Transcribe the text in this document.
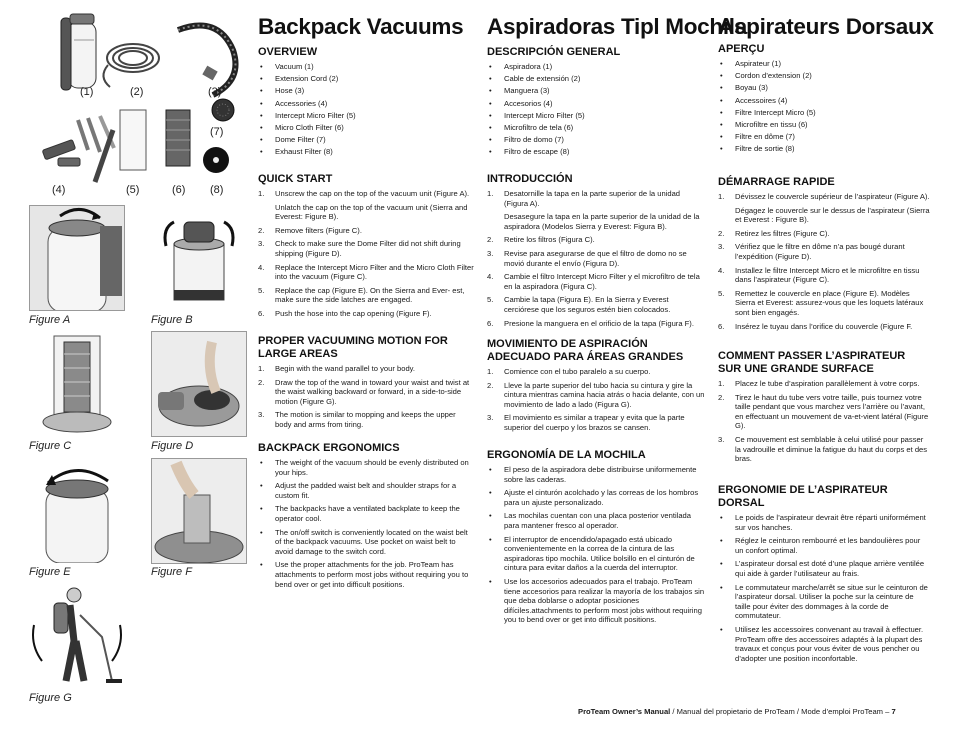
(1)	(2)	(3)
(4)	(5)	(6)
(7)
(8)
Figure A	Figure B
Figure C	Figure D
Figure E	Figure F
Figure G
Backpack Vacuums Aspiradoras Tipl Mochila
Aspirateurs Dorsaux
OVERVIEW
• Vacuum (1)
• Extension Cord (2)
• Hose (3)
• Accessories (4)
• Intercept Micro Filter (5)
• Micro Cloth Filter (6)
• Dome Filter (7)
• Exhaust Filter (8)
QUICK START
1. Unscrew the cap on the top of the vacuum unit (Figure A).
Unlatch the cap on the top of the vacuum unit (Sierra and Everest: Figure B).
2. Remove filters (Figure C).
3. Check to make sure the Dome Filter did not shift during shipping (Figure D).
4. Replace the Intercept Micro Filter and the Micro Cloth Filter into the vacuum (Figure C).
5. Replace the cap (Figure E). On the Sierra and Ever- est, make sure the side latches are engaged.
6. Push the hose into the cap opening (Figure F).
PROPER VACUUMING MOTION FOR LARGE AREAS
1. Begin with the wand parallel to your body.
2. Draw the top of the wand in toward your waist and twist at the waist walking backward or forward, in a side-to-side motion (Figure G).
3. The motion is similar to mopping and keeps the upper body and arms from tiring.
BACKPACK ERGONOMICS
• The weight of the vacuum should be evenly distributed on your hips.
• Adjust the padded waist belt and shoulder straps for a custom fit.
• The backpacks have a ventilated backplate to keep the operator cool.
• The on/off switch is conveniently located on the waist belt of the backpack vacuums. Use pocket on waist belt to avoid damage to the switch cord.
• Use the proper attachments for the job. ProTeam has attachments to perform most jobs without requiring you to bend over or get into difficult positions.
DESCRIPCIÓN GENERAL
• Aspiradora (1)
• Cable de extensión (2)
• Manguera (3)
• Accesorios (4)
• Intercept Micro Filter (5)
• Microfiltro de tela (6)
• Filtro de domo (7)
• Filtro de escape (8)
INTRODUCCIÓN
1. Desatornille la tapa en la parte superior de la unidad (Figura A).
Desasegure la tapa en la parte superior de la unidad de la aspiradora (Modelos Sierra y Everest: Figura B).
2. Retire los filtros (Figura C).
3. Revise para asegurarse de que el filtro de domo no se movió durante el envío (Figura D).
4. Cambie el filtro Intercept Micro Filter y el microfiltro de tela en la aspiradora (Figura C).
5. Cambie la tapa (Figura E). En la Sierra y Everest cerciórese que los seguros estén bien colocados.
6. Presione la manguera en el orificio de la tapa (Figura F).
MOVIMIENTO DE ASPIRACIÓN ADECUADO PARA ÁREAS GRANDES
1. Comience con el tubo paralelo a su cuerpo.
2. Lleve la parte superior del tubo hacia su cintura y gire la cintura mientras camina hacia atrás o hacia delante, con un movimiento de lado a lado (Figura G).
3. El movimiento es similar a trapear y evita que la parte superior del cuerpo y los brazos se cansen.
ERGONOMÍA DE LA MOCHILA
• El peso de la aspiradora debe distribuirse uniformemente sobre las caderas.
• Ajuste el cinturón acolchado y las correas de los hombros para un ajuste personalizado.
• Las mochilas cuentan con una placa posterior ventilada para mantener fresco al operador.
• El interruptor de encendido/apagado está ubicado convenientemente en la correa de la cintura de las aspiradoras tipo mochila. Utilice bolsillo en el cinturón de cintura para evitar daños a la cuerda del interruptor.
• Use los accesorios adecuados para el trabajo. ProTeam tiene accesorios para realizar la mayoría de los trabajos sin que deba doblarse o adoptar posiciones difíciles.attachments to perform most jobs without requiring you to bend over or get into difficult positions.
APERÇU
• Aspirateur (1)
• Cordon d’extension (2)
• Boyau (3)
• Accessoires (4)
• Filtre Intercept Micro (5)
• Microfiltre en tissu (6)
• Filtre en dôme (7)
• Filtre de sortie (8)
DÉMARRAGE RAPIDE
1. Dévissez le couvercle supérieur de l’aspirateur (Figure A).
Dégagez le couvercle sur le dessus de l’aspirateur (Sierra et Everest : Figure B).
2. Retirez les filtres (Figure C).
3. Vérifiez que le filtre en dôme n’a pas bougé durant l’expédition (Figure D).
4. Installez le filtre Intercept Micro et le microfiltre en tissu dans l’aspirateur (Figure C).
5. Remettez le couvercle en place (Figure E). Modèles Sierra et Everest: assurez-vous que les loquets latéraux sont bien engagés.
6. Insérez le tuyau dans l’orifice du couvercle (Figure F.
COMMENT PASSER L’ASPIRATEUR SUR UNE GRANDE SURFACE
1. Placez le tube d’aspiration parallèlement à votre corps.
2. Tirez le haut du tube vers votre taille, puis tournez votre taille pendant que vous marchez vers l’arrière ou l’avant, en effectuant un mouvement de va-et-vient latéral (Figure G).
3. Ce mouvement est semblable à celui utilisé pour passer la vadrouille et diminue la fatigue du haut du corps et des bras.
ERGONOMIE DE L’ASPIRATEUR DORSAL
• Le poids de l’aspirateur devrait être réparti uniformément sur vos hanches.
• Réglez le ceinturon rembourré et les bandoulières pour un confort optimal.
• L’aspirateur dorsal est doté d’une plaque arrière ventilée qui aide à garder l’utilisateur au frais.
• Le commutateur marche/arrêt se situe sur le ceinturon de l’aspirateur dorsal. Utiliser la poche sur la ceinture de taille pour éviter des dommages à la corde de commutateur.
• Utilisez les accessoires convenant au travail à effectuer. ProTeam offre des accessoires adaptés à la plupart des travaux et conçus pour vous éviter de vous pencher ou d’adopter une position inconfortable.
ProTeam Owner’s Manual / Manual del propietario de ProTeam / Mode d’emploi ProTeam – 7
